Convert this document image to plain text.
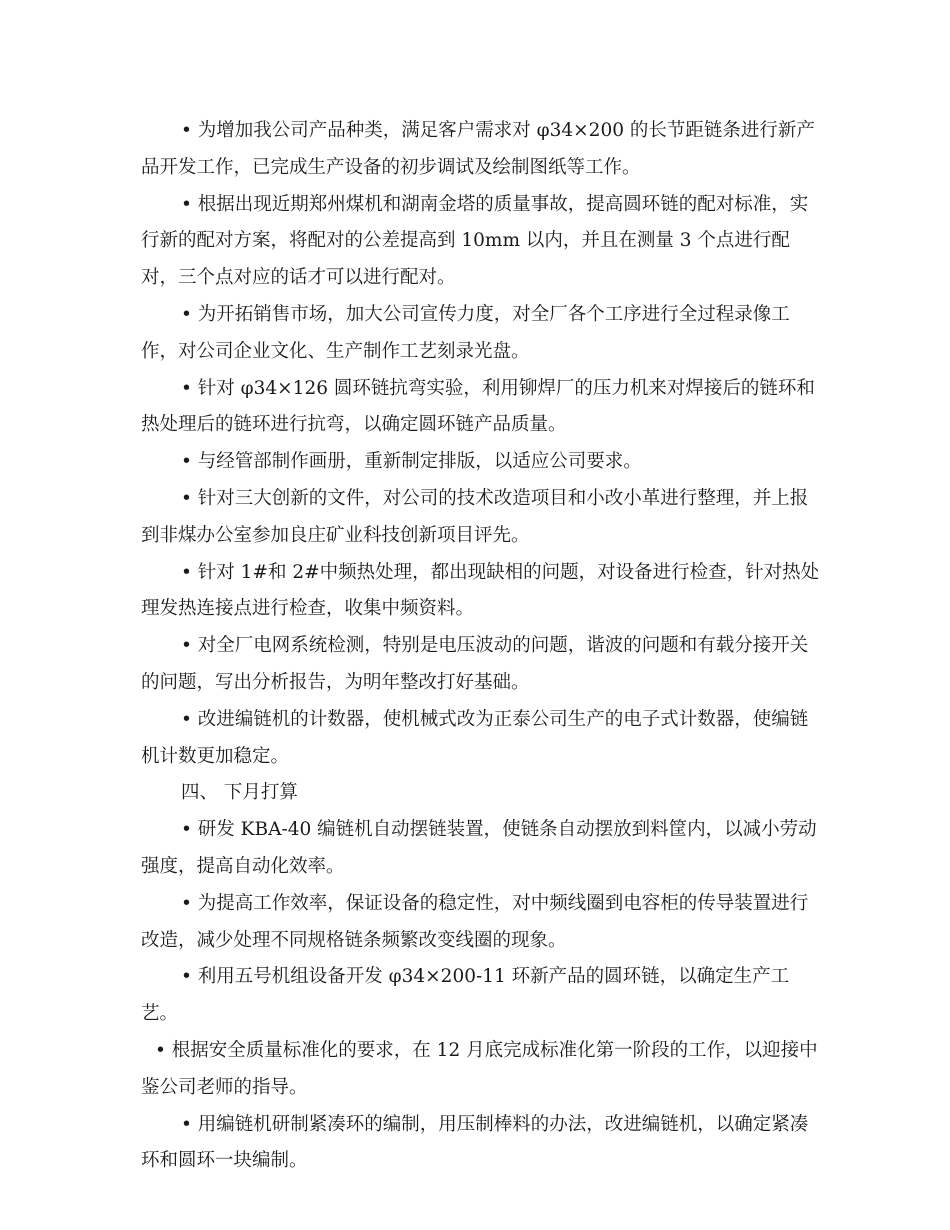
• 为增加我公司产品种类，满足客户需求对 φ34×200 的长节距链条进行新产品开发工作，已完成生产设备的初步调试及绘制图纸等工作。

• 根据出现近期郑州煤机和湖南金塔的质量事故，提高圆环链的配对标准，实行新的配对方案，将配对的公差提高到 10mm 以内，并且在测量 3 个点进行配对，三个点对应的话才可以进行配对。

• 为开拓销售市场，加大公司宣传力度，对全厂各个工序进行全过程录像工作，对公司企业文化、生产制作工艺刻录光盘。

• 针对 φ34×126 圆环链抗弯实验，利用铆焊厂的压力机来对焊接后的链环和热处理后的链环进行抗弯，以确定圆环链产品质量。

• 与经管部制作画册，重新制定排版，以适应公司要求。

• 针对三大创新的文件，对公司的技术改造项目和小改小革进行整理，并上报到非煤办公室参加良庄矿业科技创新项目评先。

• 针对 1#和 2#中频热处理，都出现缺相的问题，对设备进行检查，针对热处理发热连接点进行检查，收集中频资料。

• 对全厂电网系统检测，特别是电压波动的问题，谐波的问题和有载分接开关的问题，写出分析报告，为明年整改打好基础。

• 改进编链机的计数器，使机械式改为正泰公司生产的电子式计数器，使编链机计数更加稳定。

四、 下月打算

• 研发 KBA-40 编链机自动摆链装置，使链条自动摆放到料筐内，以减小劳动强度，提高自动化效率。

• 为提高工作效率，保证设备的稳定性，对中频线圈到电容柜的传导装置进行改造，减少处理不同规格链条频繁改变线圈的现象。

• 利用五号机组设备开发 φ34×200-11 环新产品的圆环链，以确定生产工艺。

• 根据安全质量标准化的要求，在 12 月底完成标准化第一阶段的工作，以迎接中鉴公司老师的指导。

• 用编链机研制紧凑环的编制，用压制棒料的办法，改进编链机，以确定紧凑环和圆环一块编制。
